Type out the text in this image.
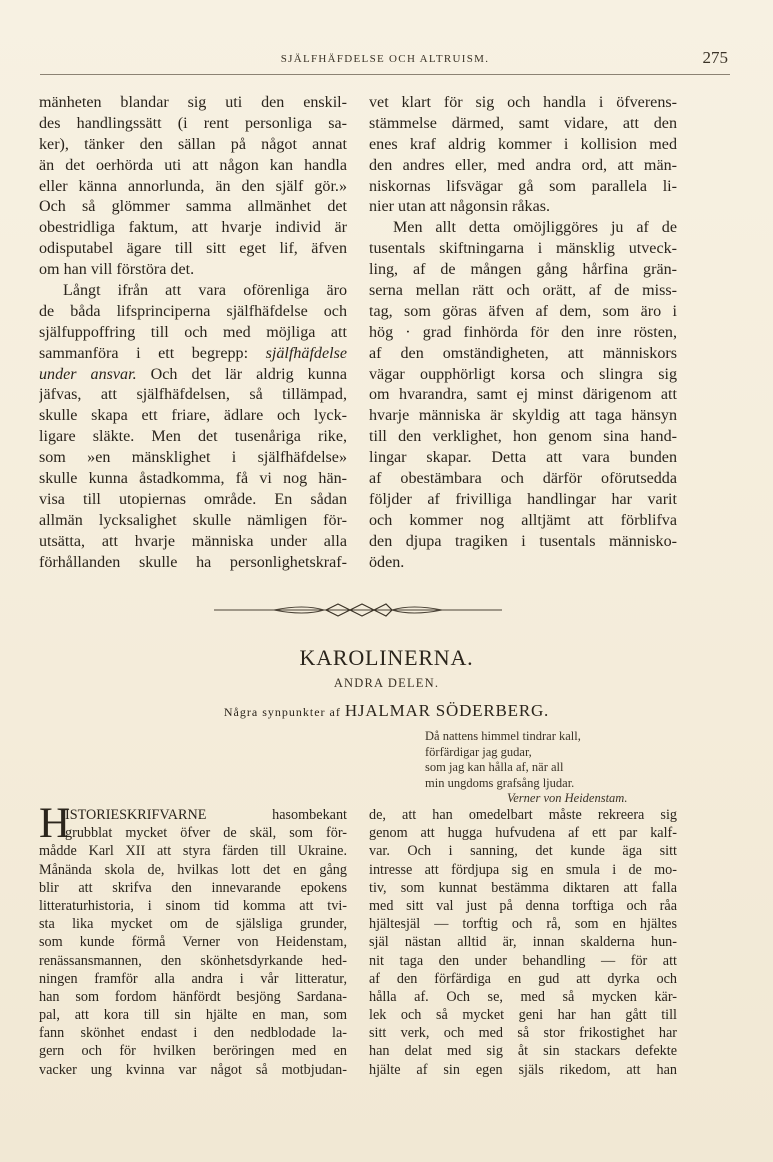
SJÄLFHÄFDELSE OCH ALTRUISM.	275
mänheten blandar sig uti den enskil-
des handlingssätt (i rent personliga sa-
ker), tänker den sällan på något annat
än det oerhörda uti att någon kan handla
eller känna annorlunda, än den själf gör.»
Och så glömmer samma allmänhet det
obestridliga faktum, att hvarje individ är
odisputabel ägare till sitt eget lif, äfven
om han vill förstöra det.
Långt ifrån att vara oförenliga äro
de båda lifsprinciperna själfhäfdelse och
själfuppoffring till och med möjliga att
sammanföra i ett begrepp: själfhäfdelse
under ansvar. Och det lär aldrig kunna
jäfvas, att själfhäfdelsen, så tillämpad,
skulle skapa ett friare, ädlare och lyck-
ligare släkte. Men det tusenåriga rike,
som »en mänsklighet i själfhäfdelse»
skulle kunna åstadkomma, få vi nog hän-
visa till utopiernas område. En sådan
allmän lycksalighet skulle nämligen för-
utsätta, att hvarje människa under alla
förhållanden skulle ha personlighetskraf-
vet klart för sig och handla i öfverens-
stämmelse därmed, samt vidare, att den
enes kraf aldrig kommer i kollision med
den andres eller, med andra ord, att män-
niskornas lifsvägar gå som parallela li-
nier utan att någonsin råkas.
Men allt detta omöjliggöres ju af de
tusentals skiftningarna i mänsklig utveck-
ling, af de mången gång hårfina grän-
serna mellan rätt och orätt, af de miss-
tag, som göras äfven af dem, som äro i
hög · grad finhörda för den inre rösten,
af den omständigheten, att människors
vägar oupphörligt korsa och slingra sig
om hvarandra, samt ej minst därigenom att
hvarje människa är skyldig att taga hänsyn
till den verklighet, hon genom sina hand-
lingar skapar. Detta att vara bunden
af obestämbara och därför oförutsedda
följder af frivilliga handlingar har varit
och kommer nog alltjämt att förblifva
den djupa tragiken i tusentals människo-
öden.
KAROLINERNA.
ANDRA DELEN.
Några synpunkter af HJALMAR SÖDERBERG.
Då nattens himmel tindrar kall,
förfärdigar jag gudar,
som jag kan hålla af, när all
min ungdoms grafsång ljudar.
Verner von Heidenstam.
H
ISTORIESKRIFVARNE hasombekant
grubblat mycket öfver de skäl, som för-
mådde Karl XII att styra färden till Ukraine.
Månända skola de, hvilkas lott det en gång
blir att skrifva den innevarande epokens
litteraturhistoria, i sinom tid komma att tvi-
sta lika mycket om de själsliga grunder,
som kunde förmå Verner von Heidenstam,
renässansmannen, den skönhetsdyrkande hed-
ningen framför alla andra i vår litteratur,
han som fordom hänfördt besjöng Sardana-
pal, att kora till sin hjälte en man, som
fann skönhet endast i den nedblodade la-
gern och för hvilken beröringen med en
vacker ung kvinna var något så motbjudan-
de, att han omedelbart måste rekreera sig
genom att hugga hufvudena af ett par kalf-
var. Och i sanning, det kunde äga sitt
intresse att fördjupa sig en smula i de mo-
tiv, som kunnat bestämma diktaren att falla
med sitt val just på denna torftiga och råa
hjältesjäl — torftig och rå, som en hjältes
själ nästan alltid är, innan skalderna hun-
nit taga den under behandling — för att
af den förfärdiga en gud att dyrka och
hålla af. Och se, med så mycken kär-
lek och så mycket geni har han gått till
sitt verk, och med så stor frikostighet har
han delat med sig åt sin stackars defekte
hjälte af sin egen själs rikedom, att han
